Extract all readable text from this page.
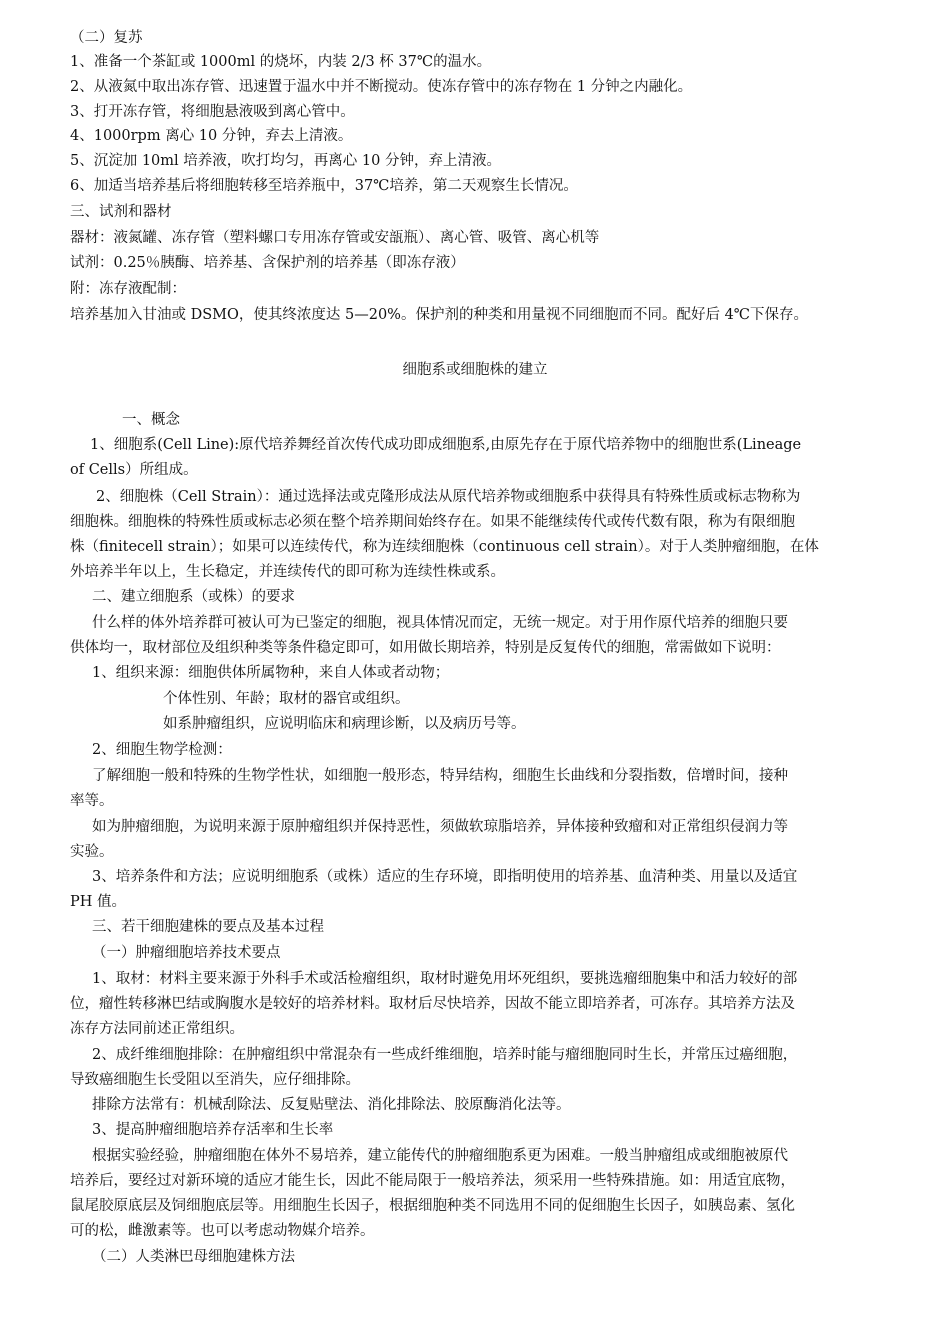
（二）复苏
1、准备一个茶缸或 1000ml 的烧坏，内装 2/3 杯 37℃的温水。
2、从液氮中取出冻存管、迅速置于温水中并不断搅动。使冻存管中的冻存物在 1 分钟之内融化。
3、打开冻存管，将细胞悬液吸到离心管中。
4、1000rpm 离心 10 分钟，弃去上清液。
5、沉淀加 10ml 培养液，吹打均匀，再离心 10 分钟，弃上清液。
6、加适当培养基后将细胞转移至培养瓶中，37℃培养，第二天观察生长情况。
三、试剂和器材
器材：液氮罐、冻存管（塑料螺口专用冻存管或安瓿瓶）、离心管、吸管、离心机等
试剂：0.25％胰酶、培养基、含保护剂的培养基（即冻存液）
附：冻存液配制：
培养基加入甘油或 DSMO，使其终浓度达 5—20%。保护剂的种类和用量视不同细胞而不同。配好后 4℃下保存。
细胞系或细胞株的建立
一、概念
1、细胞系(Cell Line):原代培养舞经首次传代成功即成细胞系,由原先存在于原代培养物中的细胞世系(Lineage
of Cells）所组成。
2、细胞株（Cell Strain）：通过选择法或克隆形成法从原代培养物或细胞系中获得具有特殊性质或标志物称为
细胞株。细胞株的特殊性质或标志必须在整个培养期间始终存在。如果不能继续传代或传代数有限，称为有限细胞
株（finitecell strain）；如果可以连续传代，称为连续细胞株（continuous cell strain）。对于人类肿瘤细胞，在体
外培养半年以上，生长稳定，并连续传代的即可称为连续性株或系。
二、建立细胞系（或株）的要求
什么样的体外培养群可被认可为已鉴定的细胞，视具体情况而定，无统一规定。对于用作原代培养的细胞只要
供体均一，取材部位及组织种类等条件稳定即可，如用做长期培养，特别是反复传代的细胞，常需做如下说明：
1、组织来源：细胞供体所属物种，来自人体或者动物；
个体性别、年龄；取材的器官或组织。
如系肿瘤组织，应说明临床和病理诊断，以及病历号等。
2、细胞生物学检测：
了解细胞一般和特殊的生物学性状，如细胞一般形态，特异结构，细胞生长曲线和分裂指数，倍增时间，接种
率等。
如为肿瘤细胞，为说明来源于原肿瘤组织并保持恶性，须做软琼脂培养，异体接种致瘤和对正常组织侵润力等
实验。
3、培养条件和方法；应说明细胞系（或株）适应的生存环境，即指明使用的培养基、血清种类、用量以及适宜
PH 值。
三、若干细胞建株的要点及基本过程
（一）肿瘤细胞培养技术要点
1、取材：材料主要来源于外科手术或活检瘤组织，取材时避免用坏死组织，要挑选瘤细胞集中和活力较好的部
位，瘤性转移淋巴结或胸腹水是较好的培养材料。取材后尽快培养，因故不能立即培养者，可冻存。其培养方法及
冻存方法同前述正常组织。
2、成纤维细胞排除：在肿瘤组织中常混杂有一些成纤维细胞，培养时能与瘤细胞同时生长，并常压过癌细胞，
导致癌细胞生长受阻以至消失，应仔细排除。
排除方法常有：机械刮除法、反复贴壁法、消化排除法、胶原酶消化法等。
3、提高肿瘤细胞培养存活率和生长率
根据实验经验，肿瘤细胞在体外不易培养，建立能传代的肿瘤细胞系更为困难。一般当肿瘤组成或细胞被原代
培养后，要经过对新环境的适应才能生长，因此不能局限于一般培养法，须采用一些特殊措施。如：用适宜底物，
鼠尾胶原底层及饲细胞底层等。用细胞生长因子，根据细胞种类不同选用不同的促细胞生长因子，如胰岛素、氢化
可的松，雌激素等。也可以考虑动物媒介培养。
（二）人类淋巴母细胞建株方法
